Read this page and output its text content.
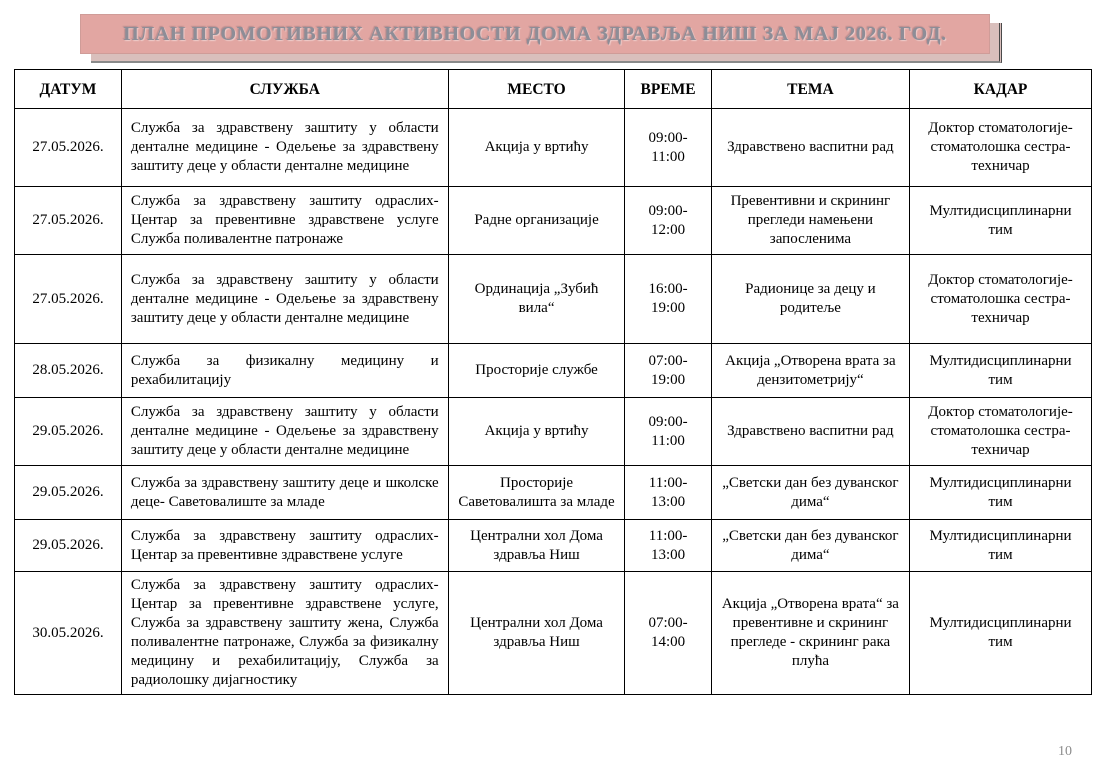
ПЛАН ПРОМОТИВНИХ АКТИВНОСТИ ДОМА ЗДРАВЉА НИШ ЗА МАЈ 2026. ГОД.
ДАТУМ	СЛУЖБА	МЕСТО	ВРЕМЕ	ТЕМА	КАДАР
27.05.2026.	Служба за здравствену заштиту у области денталне медицине - Одељење за здравствену заштиту деце у области денталне медицине	Акција у вртићу	09:00-11:00	Здравствено васпитни рад	Доктор стоматологије- стоматолошка сестра- техничар
27.05.2026.	Служба за здравствену заштиту одраслих- Центар за превентивне здравствене услуге Служба поливалентне патронаже	Радне организације	09:00-12:00	Превентивни и скрининг прегледи намењени запосленима	Мултидисциплинарни тим
27.05.2026.	Служба за здравствену заштиту у области денталне медицине - Одељење за здравствену заштиту деце у области денталне медицине	Ординација „Зубић вила“	16:00-19:00	Радионице за децу и родитеље	Доктор стоматологије- стоматолошка сестра- техничар
28.05.2026.	Служба за физикалну медицину и рехабилитацију	Просторије службе	07:00-19:00	Акција „Отворена врата за дензитометрију“	Мултидисциплинарни тим
29.05.2026.	Служба за здравствену заштиту у области денталне медицине - Одељење за здравствену заштиту деце у области денталне медицине	Акција у вртићу	09:00-11:00	Здравствено васпитни рад	Доктор стоматологије- стоматолошка сестра- техничар
29.05.2026.	Служба за здравствену заштиту деце и школске деце- Саветовалиште за младе	Просторије Саветовалишта за младе	11:00-13:00	„Светски дан без дуванског дима“	Мултидисциплинарни тим
29.05.2026.	Служба за здравствену заштиту одраслих- Центар за превентивне здравствене услуге	Централни хол Дома здравља Ниш	11:00-13:00	„Светски дан без дуванског дима“	Мултидисциплинарни тим
30.05.2026.	Служба за здравствену заштиту одраслих- Центар за превентивне здравствене услуге, Служба за здравствену заштиту жена, Служба поливалентне патронаже, Служба за физикалну медицину и рехабилитацију, Служба за радиолошку дијагностику	Централни хол Дома здравља Ниш	07:00-14:00	Акција „Отворена врата“ за превентивне и скрининг прегледе - скрининг рака плућа	Мултидисциплинарни тим
10
